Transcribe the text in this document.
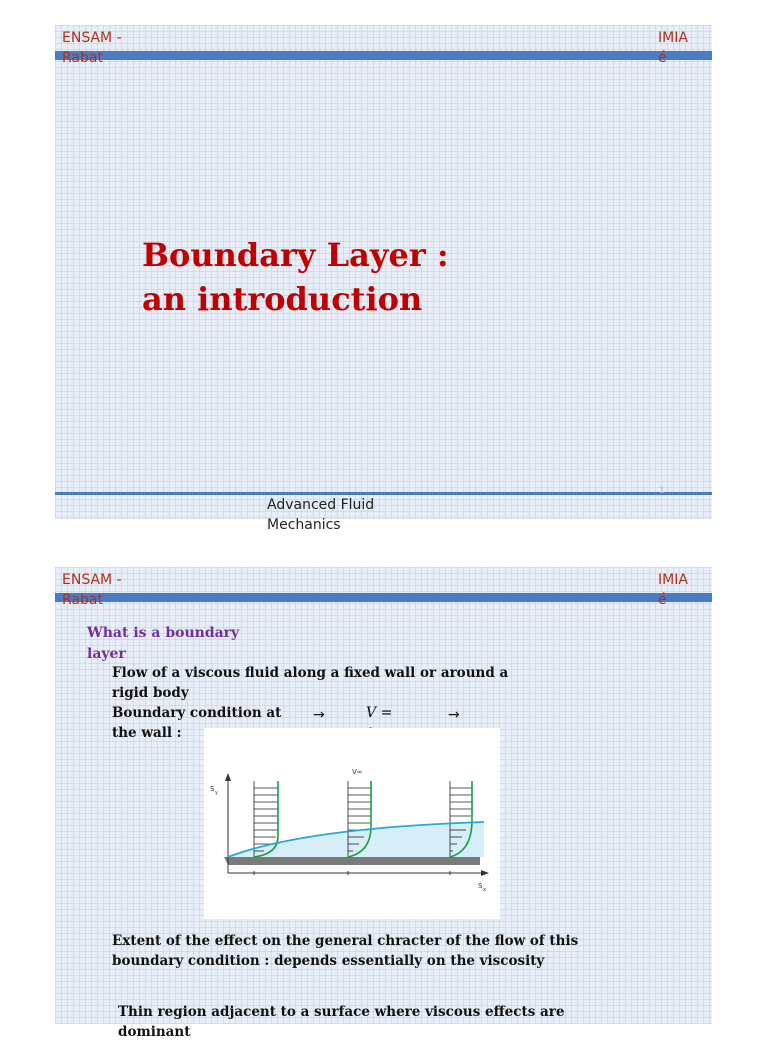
ENSAM - Rabat
IMIA é
Boundary Layer : an introduction
1
Advanced Fluid Mechanics
ENSAM - Rabat
IMIA é
What is a boundary layer
Flow of a viscous fluid along a fixed wall or around a rigid body
Boundary condition at the wall :
→	V =	→
V∞
S y
S x
Extent of the effect on the general chracter of the flow of this boundary condition : depends essentially on the viscosity
Thin region adjacent to a surface where viscous effects are dominant
